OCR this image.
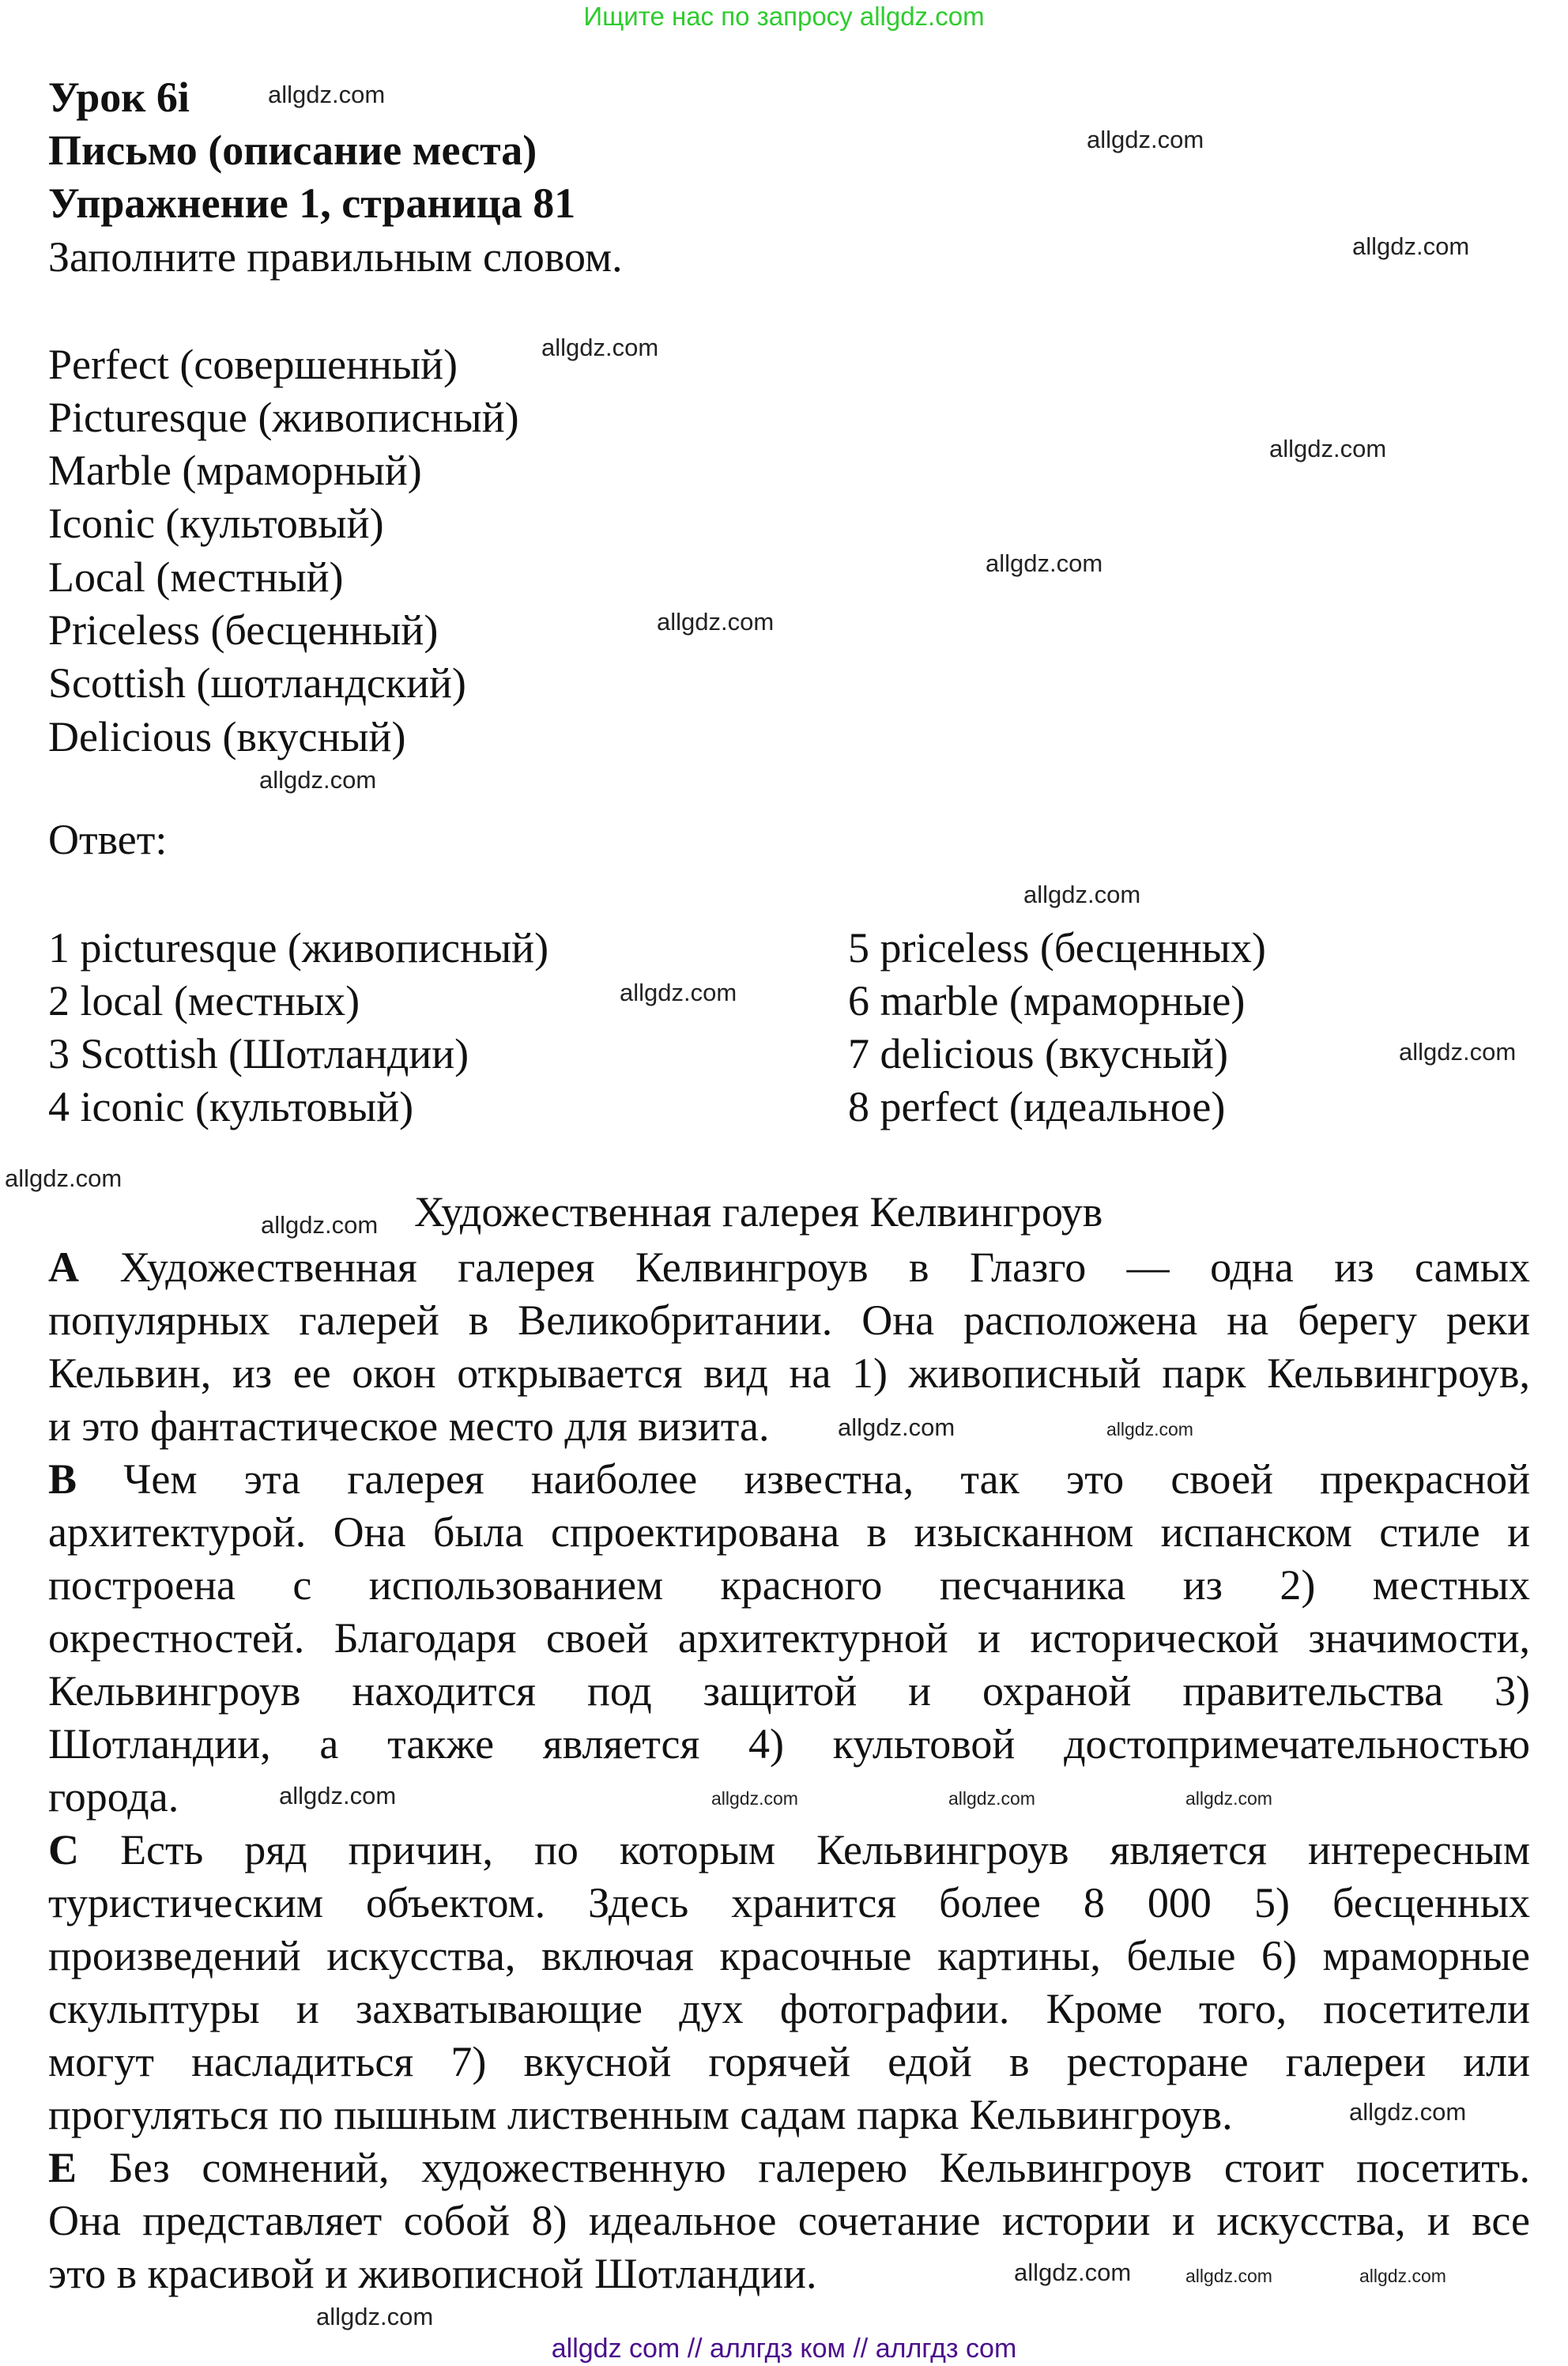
Ищите нас по запросу allgdz.com
Урок 6i
Письмо (описание места)
Упражнение 1, страница 81
Заполните правильным словом.
Perfect (совершенный)
Picturesque (живописный)
Marble (мраморный)
Iconic (культовый)
Local (местный)
Priceless (бесценный)
Scottish (шотландский)
Delicious (вкусный)
Ответ:
1 picturesque (живописный)	5 priceless (бесценных)
2 local (местных)	6 marble (мраморные)
3 Scottish (Шотландии)	7 delicious (вкусный)
4 iconic (культовый)	8 perfect (идеальное)
Художественная галерея Келвингроув
A Художественная галерея Келвингроув в Глазго — одна из самых
популярных галерей в Великобритании. Она расположена на берегу реки
Кельвин, из ее окон открывается вид на 1) живописный парк Кельвингроув,
и это фантастическое место для визита.
B Чем эта галерея наиболее известна, так это своей прекрасной
архитектурой. Она была спроектирована в изысканном испанском стиле и
построена с использованием красного песчаника из 2) местных
окрестностей. Благодаря своей архитектурной и исторической значимости,
Кельвингроув находится под защитой и охраной правительства 3)
Шотландии, а также является 4) культовой достопримечательностью
города.
C Есть ряд причин, по которым Кельвингроув является интересным
туристическим объектом. Здесь хранится более 8 000 5) бесценных
произведений искусства, включая красочные картины, белые 6) мраморные
скульптуры и захватывающие дух фотографии. Кроме того, посетители
могут насладиться 7) вкусной горячей едой в ресторане галереи или
прогуляться по пышным лиственным садам парка Кельвингроув.
E Без сомнений, художественную галерею Кельвингроув стоит посетить.
Она представляет собой 8) идеальное сочетание истории и искусства, и все
это в красивой и живописной Шотландии.
allgdz.com
allgdz.com
allgdz.com
allgdz.com
allgdz.com
allgdz.com
allgdz.com
allgdz.com
allgdz.com
allgdz.com
allgdz.com
allgdz.com
allgdz.com
allgdz.com	allgdz.com
allgdz.com	allgdz.com	allgdz.com	allgdz.com
allgdz.com
allgdz.com	allgdz.com	allgdz.com
allgdz.com
allgdz com // аллгдз ком // аллгдз com
